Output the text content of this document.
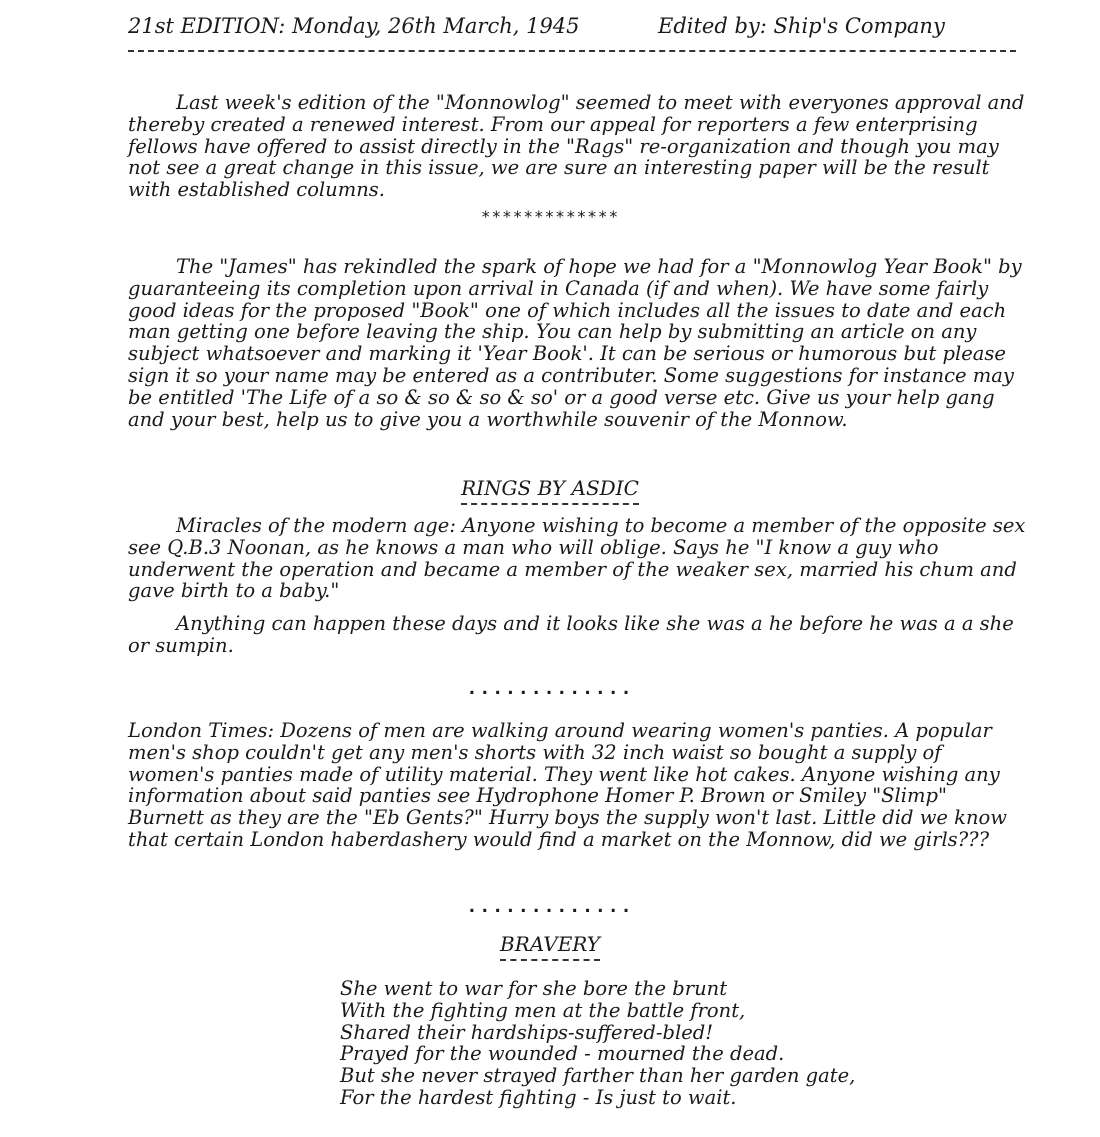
21st EDITION: Monday, 26th March, 1945	Edited by: Ship's Company

Last week's edition of the "Monnowlog" seemed to meet with everyones approval and thereby created a renewed interest. From our appeal for reporters a few enterprising fellows have offered to assist directly in the "Rags" re-organization and though you may not see a great change in this issue, we are sure an interesting paper will be the result with established columns.

*************

The "James" has rekindled the spark of hope we had for a "Monnowlog Year Book" by guaranteeing its completion upon arrival in Canada (if and when). We have some fairly good ideas for the proposed "Book" one of which includes all the issues to date and each man getting one before leaving the ship. You can help by submitting an article on any subject whatsoever and marking it 'Year Book'. It can be serious or humorous but please sign it so your name may be entered as a contributer. Some suggestions for instance may be entitled 'The Life of a so & so & so & so' or a good verse etc. Give us your help gang and your best, help us to give you a worthwhile souvenir of the Monnow.

RINGS BY ASDIC

Miracles of the modern age: Anyone wishing to become a member of the opposite sex see Q.B.3 Noonan, as he knows a man who will oblige. Says he "I know a guy who underwent the operation and became a member of the weaker sex, married his chum and gave birth to a baby."

Anything can happen these days and it looks like she was a he before he was a a she or sumpin.

.............

London Times: Dozens of men are walking around wearing women's panties. A popular men's shop couldn't get any men's shorts with 32 inch waist so bought a supply of women's panties made of utility material. They went like hot cakes. Anyone wishing any information about said panties see Hydrophone Homer P. Brown or Smiley "Slimp" Burnett as they are the "Eb Gents?" Hurry boys the supply won't last. Little did we know that certain London haberdashery would find a market on the Monnow, did we girls???

.............
BRAVERY
She went to war for she bore the brunt
With the fighting men at the battle front,
Shared their hardships-suffered-bled!
Prayed for the wounded - mourned the dead.
But she never strayed farther than her garden gate,
For the hardest fighting - Is just to wait.
